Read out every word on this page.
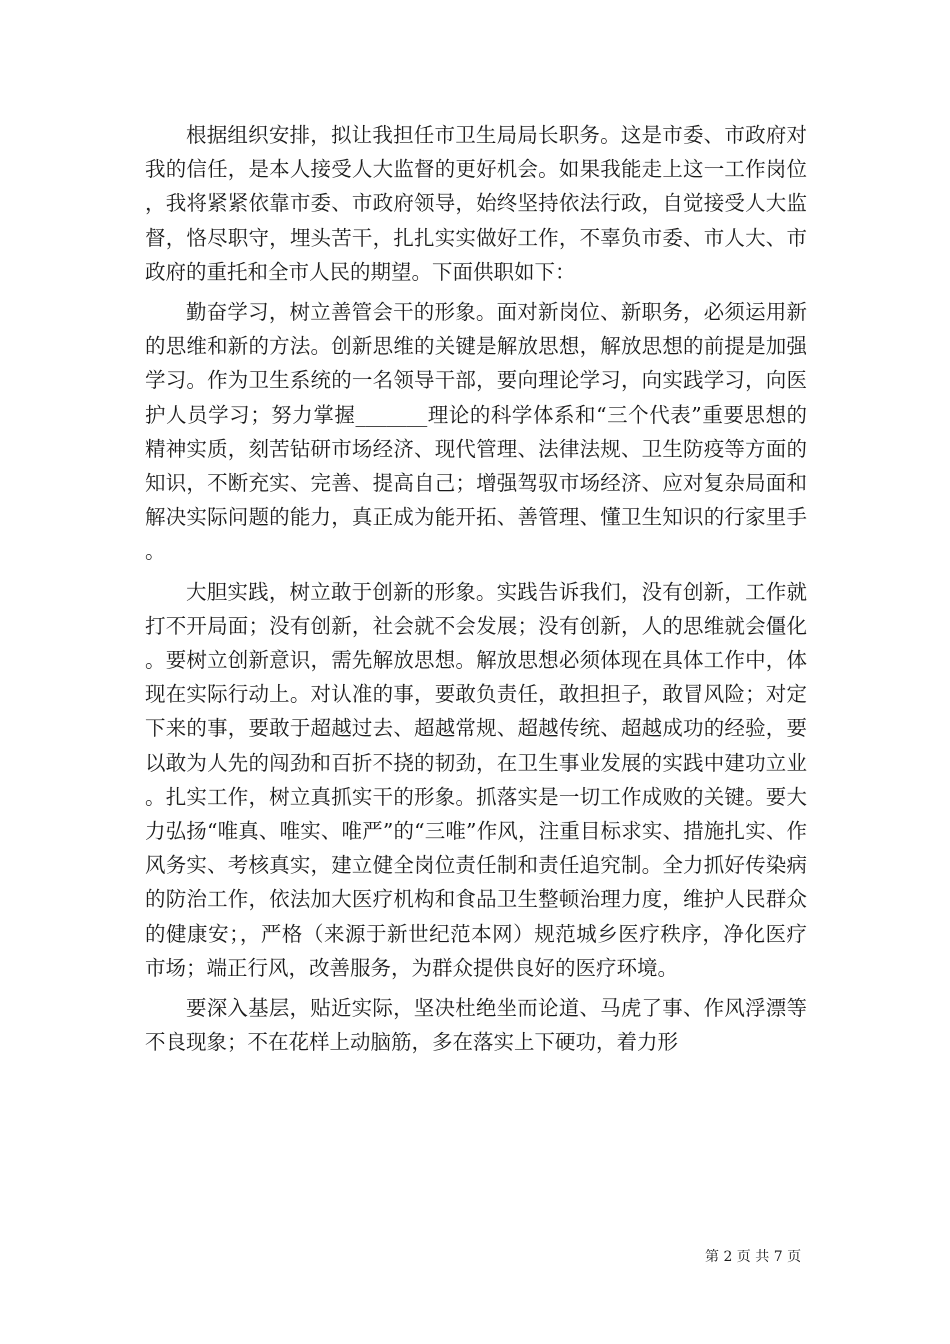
根据组织安排，拟让我担任市卫生局局长职务。这是市委、市政府对我的信任，是本人接受人大监督的更好机会。如果我能走上这一工作岗位，我将紧紧依靠市委、市政府领导，始终坚持依法行政，自觉接受人大监督，恪尽职守，埋头苦干，扎扎实实做好工作，不辜负市委、市人大、市政府的重托和全市人民的期望。下面供职如下：

勤奋学习，树立善管会干的形象。面对新岗位、新职务，必须运用新的思维和新的方法。创新思维的关键是解放思想，解放思想的前提是加强学习。作为卫生系统的一名领导干部，要向理论学习，向实践学习，向医护人员学习；努力掌握_______理论的科学体系和“三个代表”重要思想的精神实质，刻苦钻研市场经济、现代管理、法律法规、卫生防疫等方面的知识，不断充实、完善、提高自己；增强驾驭市场经济、应对复杂局面和解决实际问题的能力，真正成为能开拓、善管理、懂卫生知识的行家里手。

大胆实践，树立敢于创新的形象。实践告诉我们，没有创新，工作就打不开局面；没有创新，社会就不会发展；没有创新，人的思维就会僵化。要树立创新意识，需先解放思想。解放思想必须体现在具体工作中，体现在实际行动上。对认准的事，要敢负责任，敢担担子，敢冒风险；对定下来的事，要敢于超越过去、超越常规、超越传统、超越成功的经验，要以敢为人先的闯劲和百折不挠的韧劲，在卫生事业发展的实践中建功立业。扎实工作，树立真抓实干的形象。抓落实是一切工作成败的关键。要大力弘扬“唯真、唯实、唯严”的“三唯”作风，注重目标求实、措施扎实、作风务实、考核真实，建立健全岗位责任制和责任追究制。全力抓好传染病的防治工作，依法加大医疗机构和食品卫生整顿治理力度，维护人民群众的健康安；，严格（来源于新世纪范本网）规范城乡医疗秩序，净化医疗市场；端正行风，改善服务，为群众提供良好的医疗环境。

要深入基层，贴近实际，坚决杜绝坐而论道、马虎了事、作风浮漂等不良现象；不在花样上动脑筋，多在落实上下硬功，着力形

第 2 页 共 7 页
